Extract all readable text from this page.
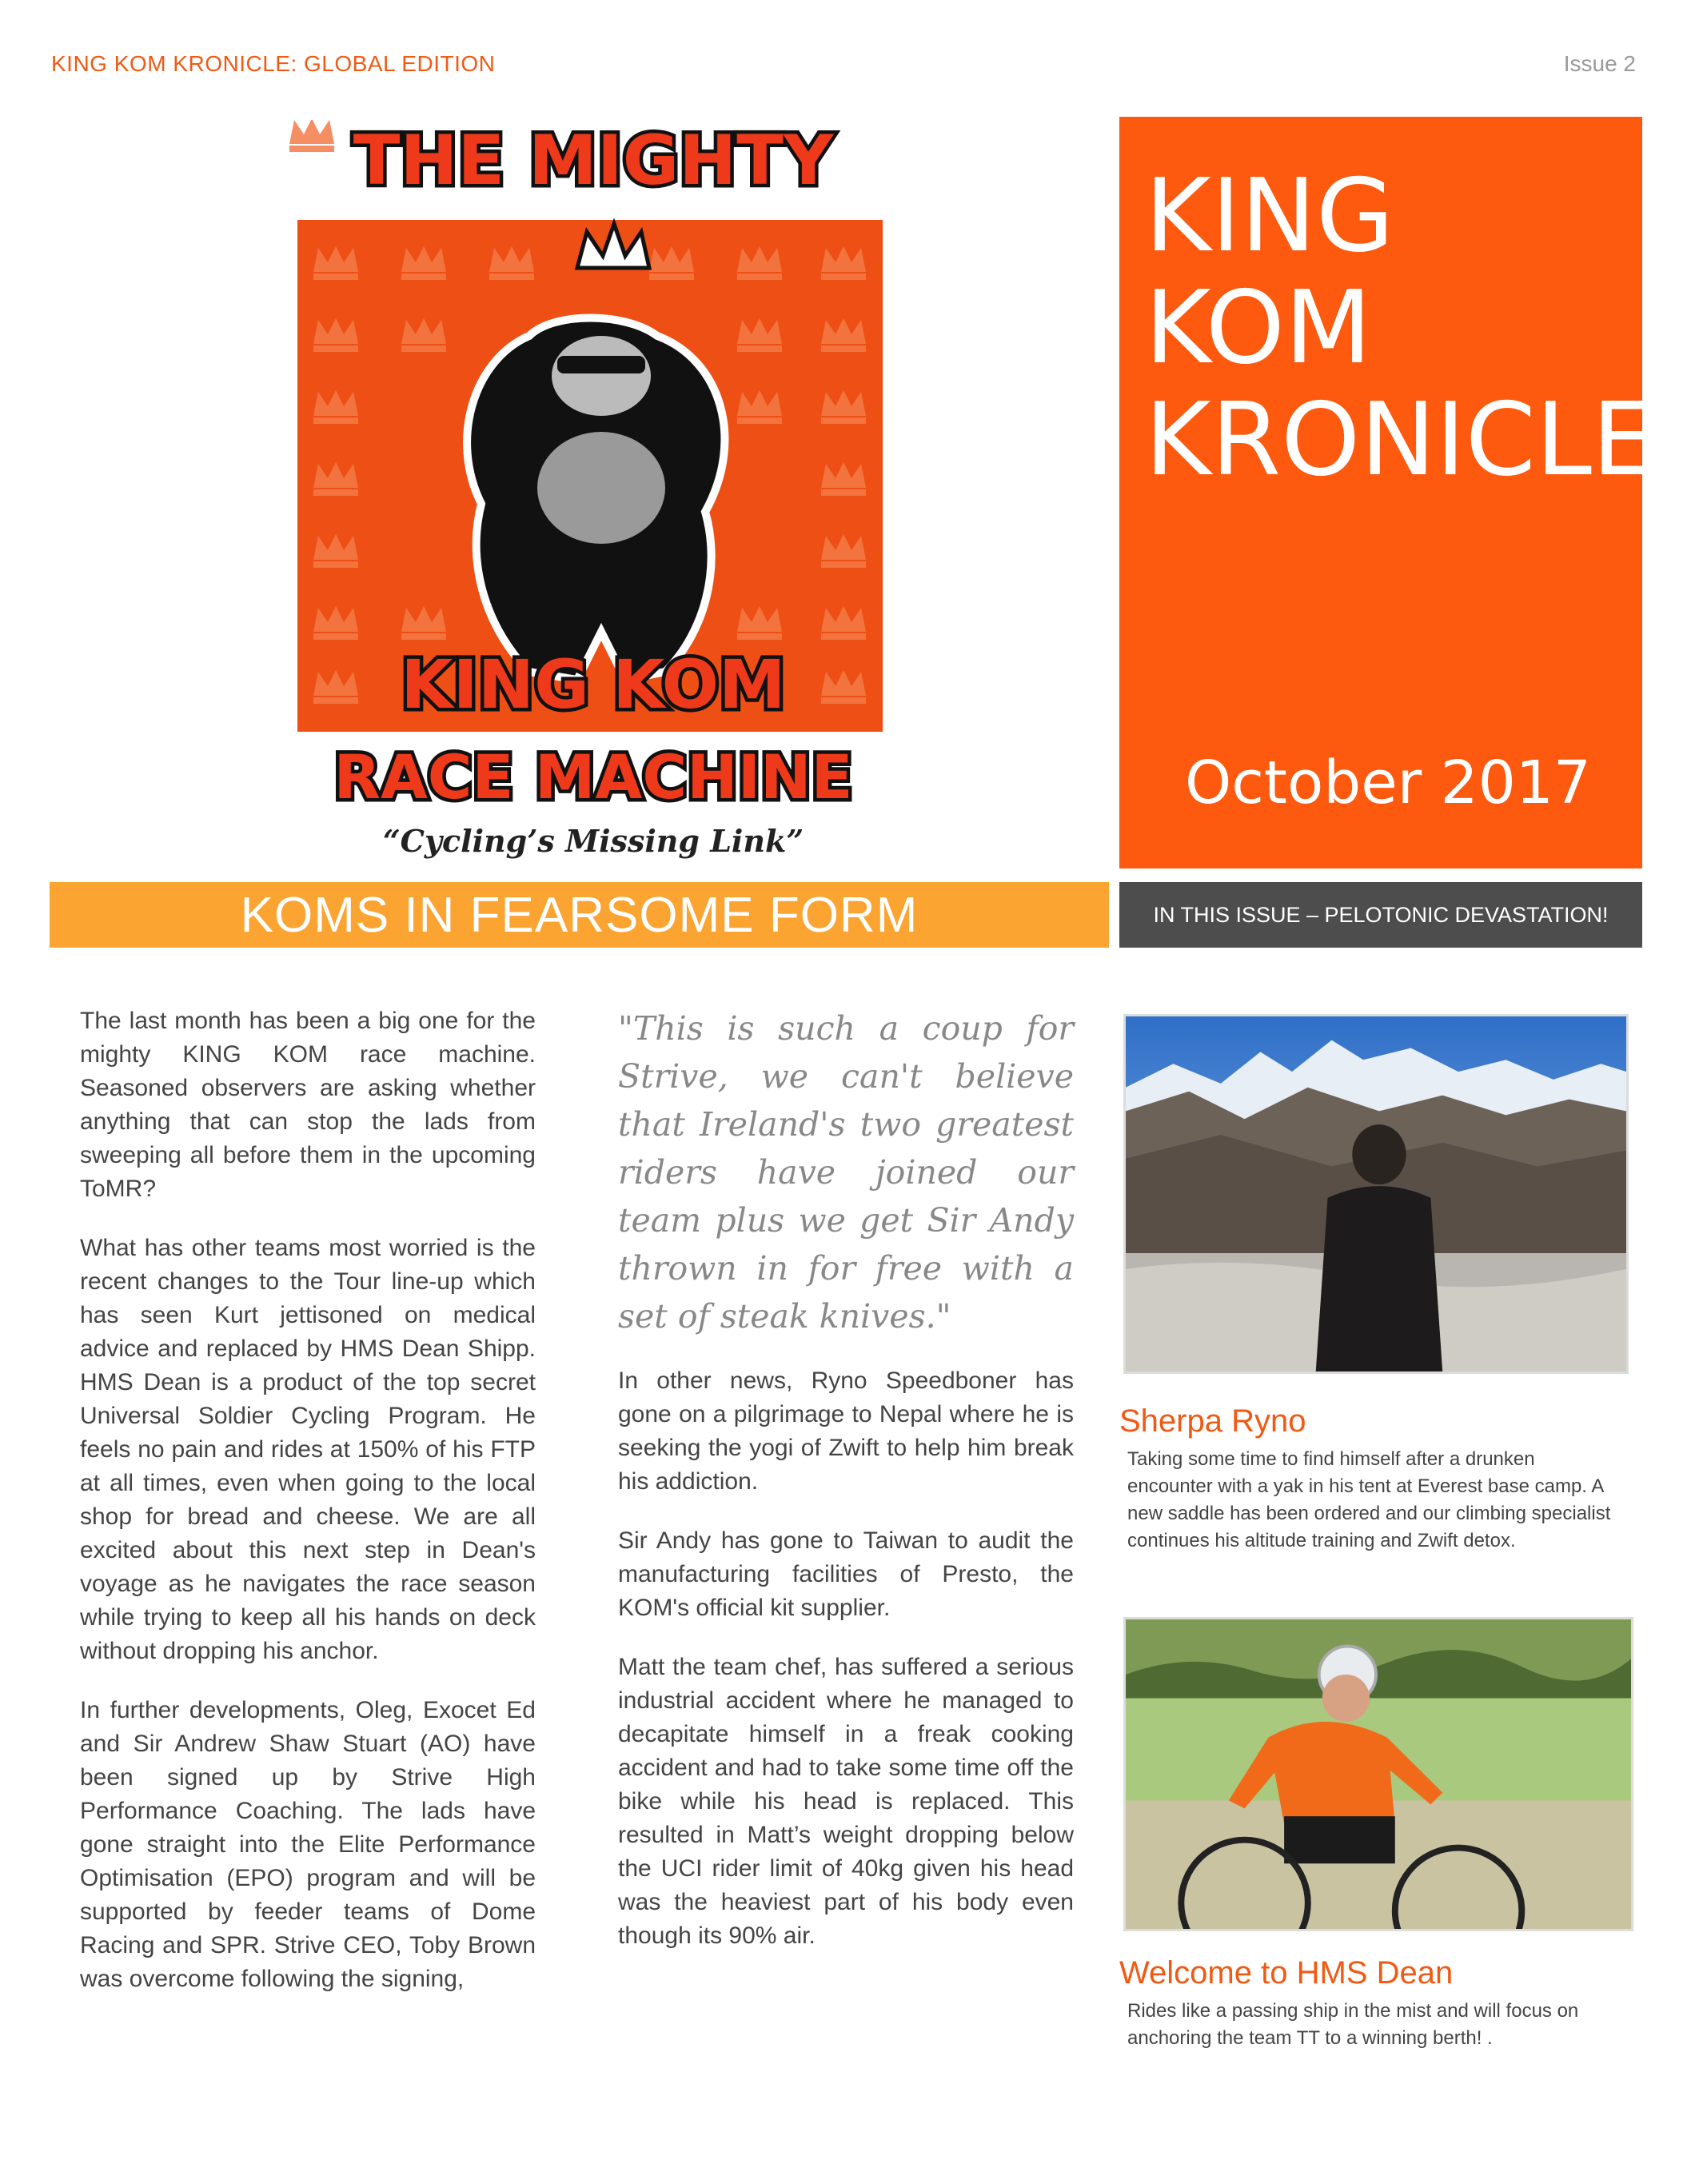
KING KOM KRONICLE: GLOBAL EDITION	Issue 2
THE MIGHTY
KING KOM
RACE MACHINE
“Cycling’s Missing Link”
KING KOM KRONICLE
October 2017
KOMS IN FEARSOME FORM	IN THIS ISSUE – PELOTONIC DEVASTATION!

The last month has been a big one for the mighty KING KOM race machine. Seasoned observers are asking whether anything that can stop the lads from sweeping all before them in the upcoming ToMR?

What has other teams most worried is the recent changes to the Tour line-up which has seen Kurt jettisoned on medical advice and replaced by HMS Dean Shipp. HMS Dean is a product of the top secret Universal Soldier Cycling Program. He feels no pain and rides at 150% of his FTP at all times, even when going to the local shop for bread and cheese. We are all excited about this next step in Dean's voyage as he navigates the race season while trying to keep all his hands on deck without dropping his anchor.

In further developments, Oleg, Exocet Ed and Sir Andrew Shaw Stuart (AO) have been signed up by Strive High Performance Coaching. The lads have gone straight into the Elite Performance Optimisation (EPO) program and will be supported by feeder teams of Dome Racing and SPR. Strive CEO, Toby Brown was overcome following the signing,

"This is such a coup for Strive, we can't believe that Ireland's two greatest riders have joined our team plus we get Sir Andy thrown in for free with a set of steak knives."

In other news, Ryno Speedboner has gone on a pilgrimage to Nepal where he is seeking the yogi of Zwift to help him break his addiction.

Sir Andy has gone to Taiwan to audit the manufacturing facilities of Presto, the KOM's official kit supplier.

Matt the team chef, has suffered a serious industrial accident where he managed to decapitate himself in a freak cooking accident and had to take some time off the bike while his head is replaced. This resulted in Matt’s weight dropping below the UCI rider limit of 40kg given his head was the heaviest part of his body even though its 90% air.

Sherpa Ryno
Taking some time to find himself after a drunken encounter with a yak in his tent at Everest base camp. A new saddle has been ordered and our climbing specialist continues his altitude training and Zwift detox.
Welcome to HMS Dean
Rides like a passing ship in the mist and will focus on anchoring the team TT to a winning berth! .
